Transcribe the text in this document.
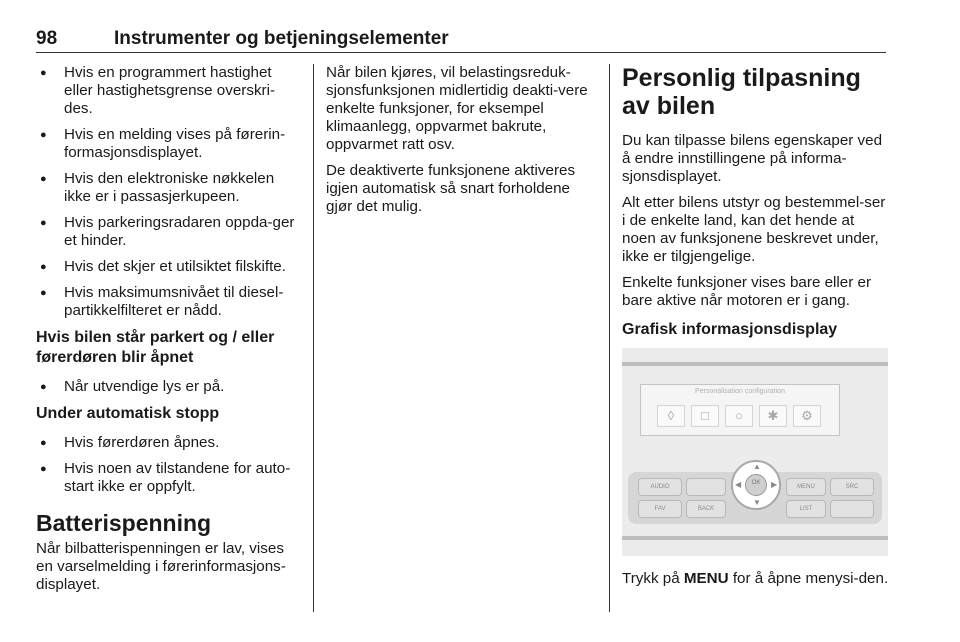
98	Instrumenter og betjeningselementer
● Hvis en programmert hastighet eller hastighetsgrense overskri-des.
● Hvis en melding vises på førerin-formasjonsdisplayet.
● Hvis den elektroniske nøkkelen ikke er i passasjerkupeen.
● Hvis parkeringsradaren oppda-ger et hinder.
● Hvis det skjer et utilsiktet filskifte.
● Hvis maksimumsnivået til diesel-partikkelfilteret er nådd.
Hvis bilen står parkert og / eller førerdøren blir åpnet
● Når utvendige lys er på.
Under automatisk stopp
● Hvis førerdøren åpnes.
● Hvis noen av tilstandene for auto-start ikke er oppfylt.
Batterispenning
Når bilbatterispenningen er lav, vises en varselmelding i førerinformasjons-displayet.
Når bilen kjøres, vil belastingsreduk-sjonsfunksjonen midlertidig deakti-vere enkelte funksjoner, for eksempel klimaanlegg, oppvarmet bakrute, oppvarmet ratt osv.
De deaktiverte funksjonene aktiveres igjen automatisk så snart forholdene gjør det mulig.
Personlig tilpasning av bilen
Du kan tilpasse bilens egenskaper ved å endre innstillingene på informa-sjonsdisplayet.
Alt etter bilens utstyr og bestemmel-ser i de enkelte land, kan det hende at noen av funksjonene beskrevet under, ikke er tilgjengelige.
Enkelte funksjoner vises bare eller er bare aktive når motoren er i gang.
Grafisk informasjonsdisplay
Personalisation configuration
◊	□	○	✱	⚙
AUDIO	MENU	SRC
FAV	BACK	LIST
▲
▼
◀	▶
OK
Trykk på MENU for å åpne menysi-den.
